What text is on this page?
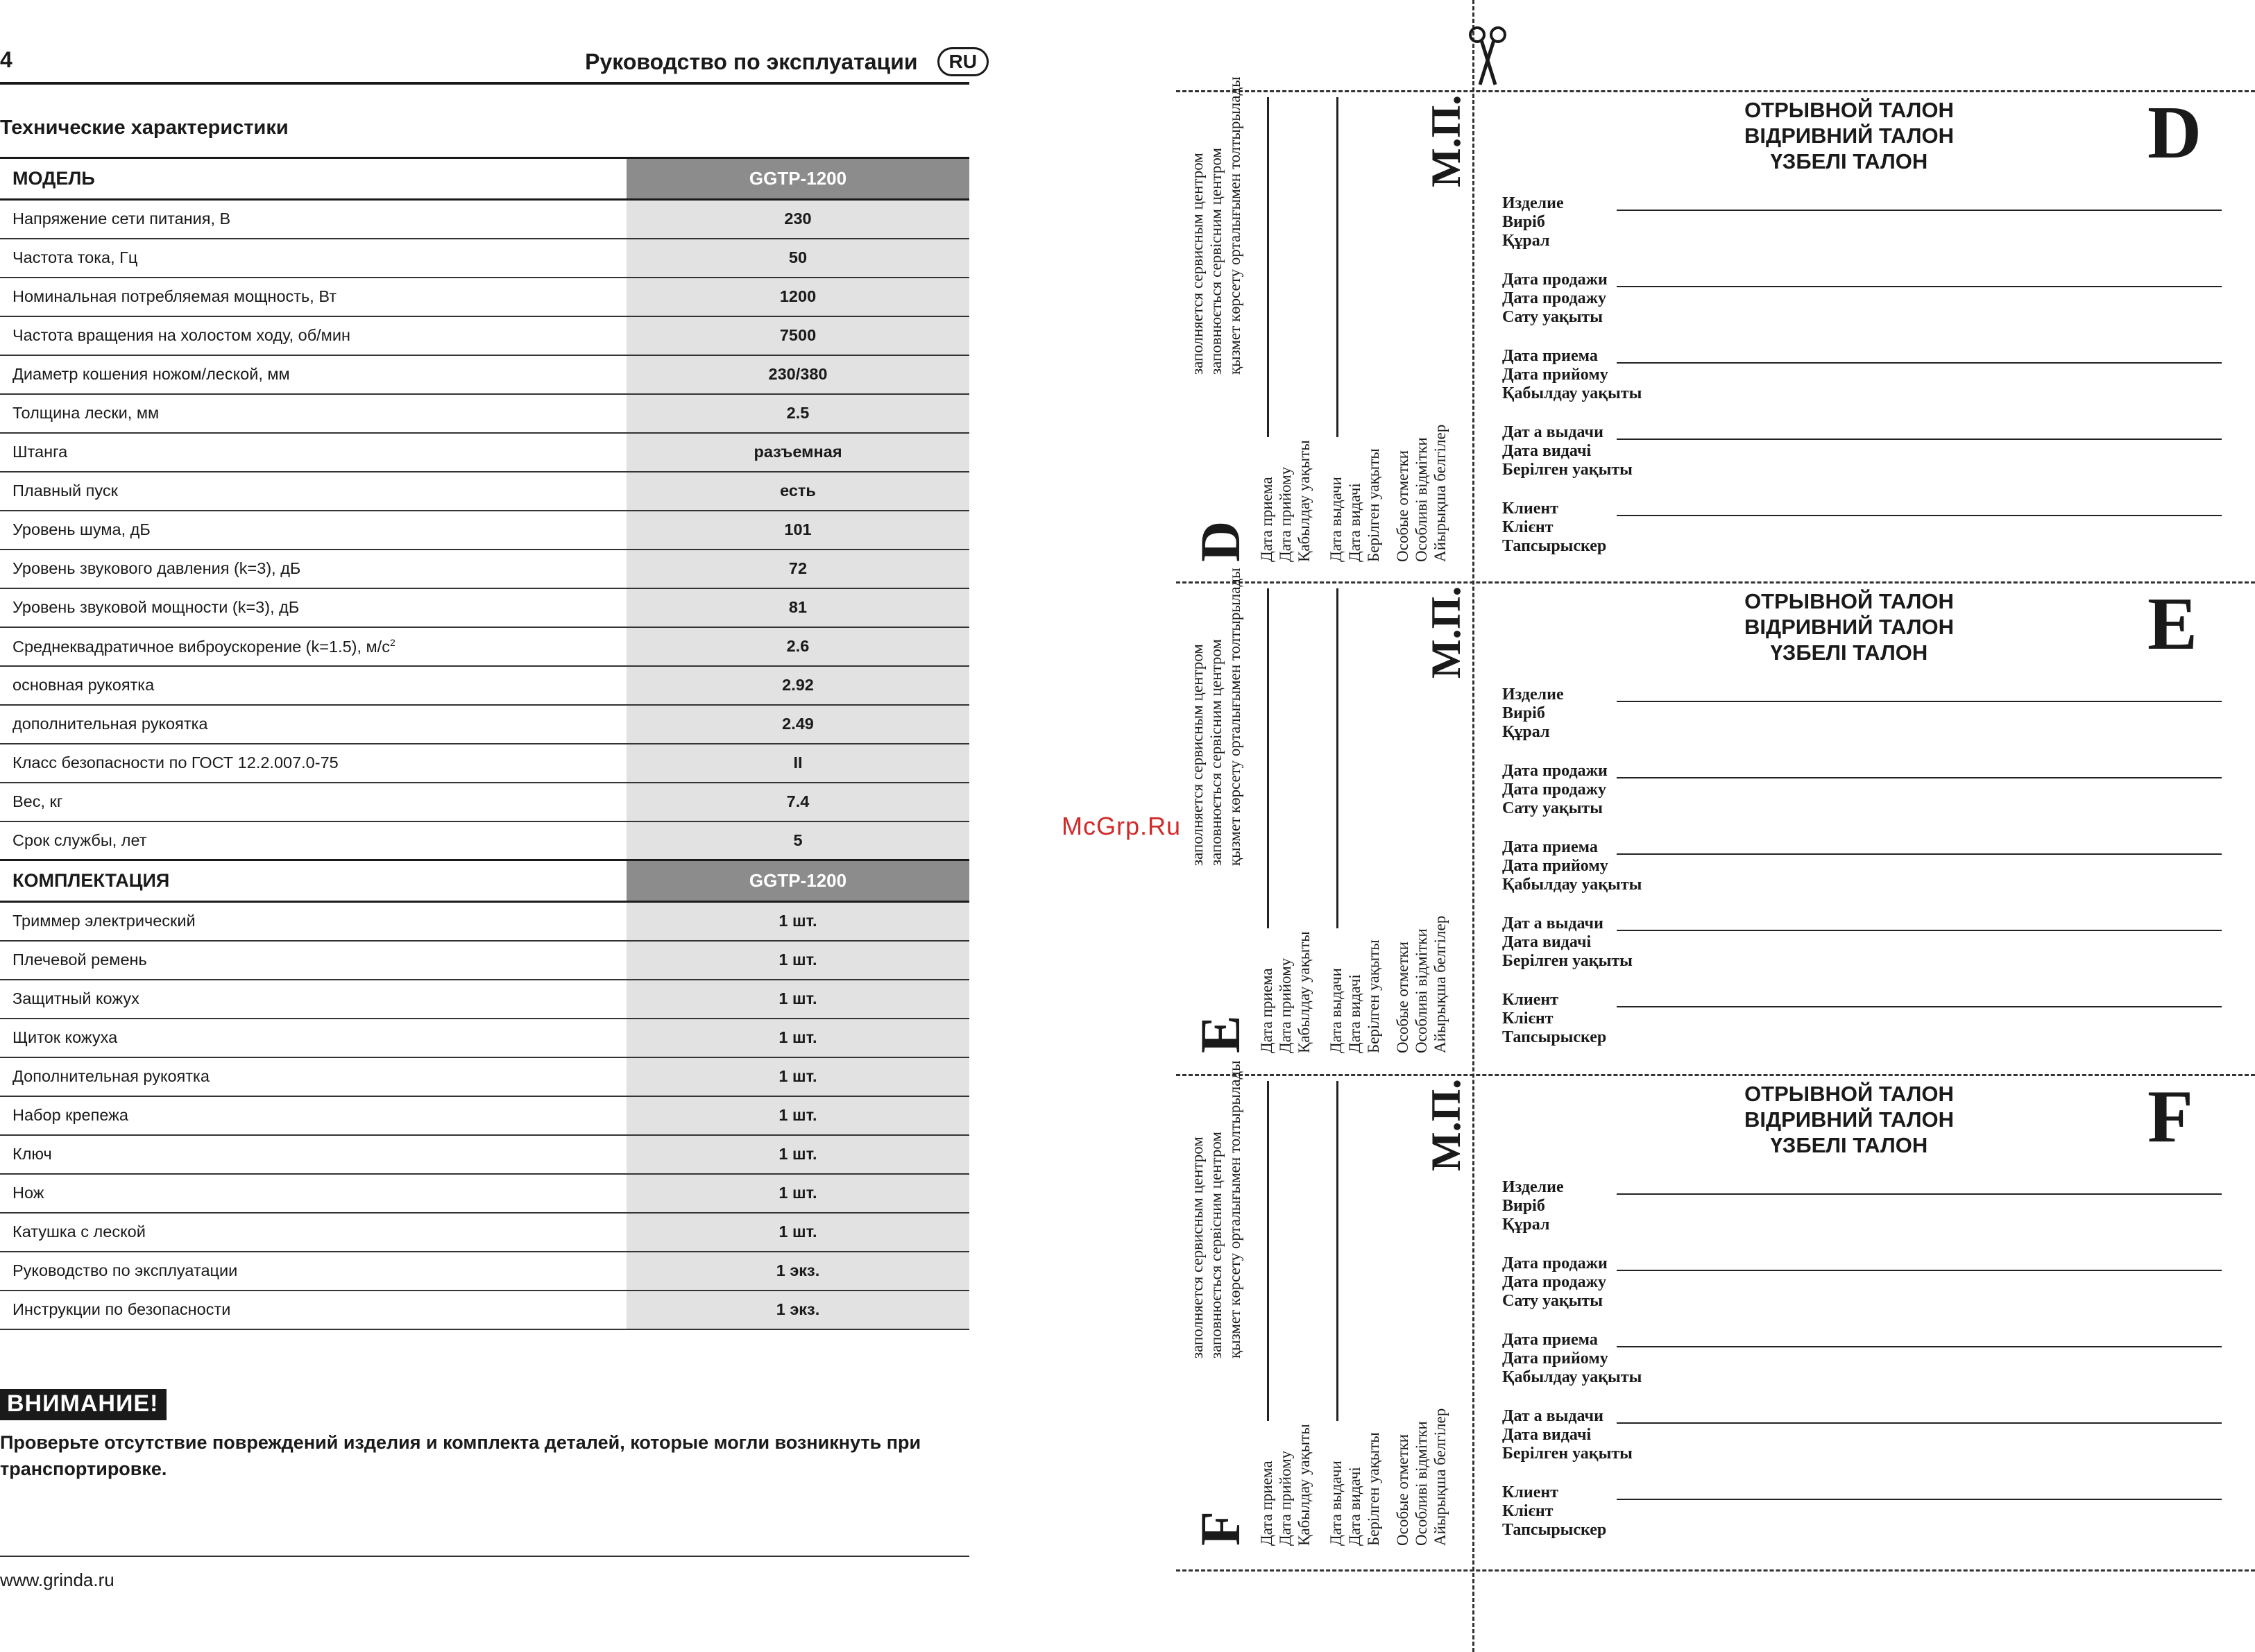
4	Руководство по эксплуатации	RU
Технические характеристики
МОДЕЛЬ	GGTP-1200
Напряжение сети питания, В	230
Частота тока, Гц	50
Номинальная потребляемая мощность, Вт	1200
Частота вращения на холостом ходу, об/мин	7500
Диаметр кошения ножом/леской, мм	230/380
Толщина лески, мм	2.5
Штанга	разъемная
Плавный пуск	есть
Уровень шума, дБ	101
Уровень звукового давления (k=3), дБ	72
Уровень звуковой мощности (k=3), дБ	81
Среднеквадратичное виброускорение (k=1.5), $м/с^2$	2.6
основная рукоятка	2.92
дополнительная рукоятка	2.49
Класс безопасности по ГОСТ 12.2.007.0-75	II
Вес, кг	7.4
Срок службы, лет	5
КОМПЛЕКТАЦИЯ	GGTP-1200
Триммер электрический	1 шт.
Плечевой ремень	1 шт.
Защитный кожух	1 шт.
Щиток кожуха	1 шт.
Дополнительная рукоятка	1 шт.
Набор крепежа	1 шт.
Ключ	1 шт.
Нож	1 шт.
Катушка с леской	1 шт.
Руководство по эксплуатации	1 экз.
Инструкции по безопасности	1 экз.
ВНИМАНИЕ!
Проверьте отсутствие повреждений изделия и комплекта деталей, которые могли возникнуть при транспортировке.
www.grinda.ru
McGrp.Ru
D
заполняется сервисным центром заповнюється сервісним центром қызмет көрсету орталығымен толтырылады
Дата приема Дата прийому Қабылдау уақыты Дата выдачи Дата видачі Берілген уақыты Особые отметки Особливі відмітки Айырықша белгілер
М.П.	ОТРЫВНОЙ ТАЛОН
ВІДРИВНИЙ ТАЛОН
ҮЗБЕЛІ ТАЛОН	D
Изделие
Виріб
Құрал
Дата продажи
Дата продажу
Сату уақыты
Дата приема
Дата прийому
Қабылдау уақыты
Дат а выдачи
Дата видачі
Берілген уақыты
Клиент
Клієнт
Тапсырыскер
E
заполняется сервисным центром заповнюється сервісним центром қызмет көрсету орталығымен толтырылады
Дата приема Дата прийому Қабылдау уақыты Дата выдачи Дата видачі Берілген уақыты Особые отметки Особливі відмітки Айырықша белгілер
М.П.	ОТРЫВНОЙ ТАЛОН
ВІДРИВНИЙ ТАЛОН
ҮЗБЕЛІ ТАЛОН	E
Изделие
Виріб
Құрал
Дата продажи
Дата продажу
Сату уақыты
Дата приема
Дата прийому
Қабылдау уақыты
Дат а выдачи
Дата видачі
Берілген уақыты
Клиент
Клієнт
Тапсырыскер
F
заполняется сервисным центром заповнюється сервісним центром қызмет көрсету орталығымен толтырылады
Дата приема Дата прийому Қабылдау уақыты Дата выдачи Дата видачі Берілген уақыты Особые отметки Особливі відмітки Айырықша белгілер
М.П.	ОТРЫВНОЙ ТАЛОН
ВІДРИВНИЙ ТАЛОН
ҮЗБЕЛІ ТАЛОН	F
Изделие
Виріб
Құрал
Дата продажи
Дата продажу
Сату уақыты
Дата приема
Дата прийому
Қабылдау уақыты
Дат а выдачи
Дата видачі
Берілген уақыты
Клиент
Клієнт
Тапсырыскер
